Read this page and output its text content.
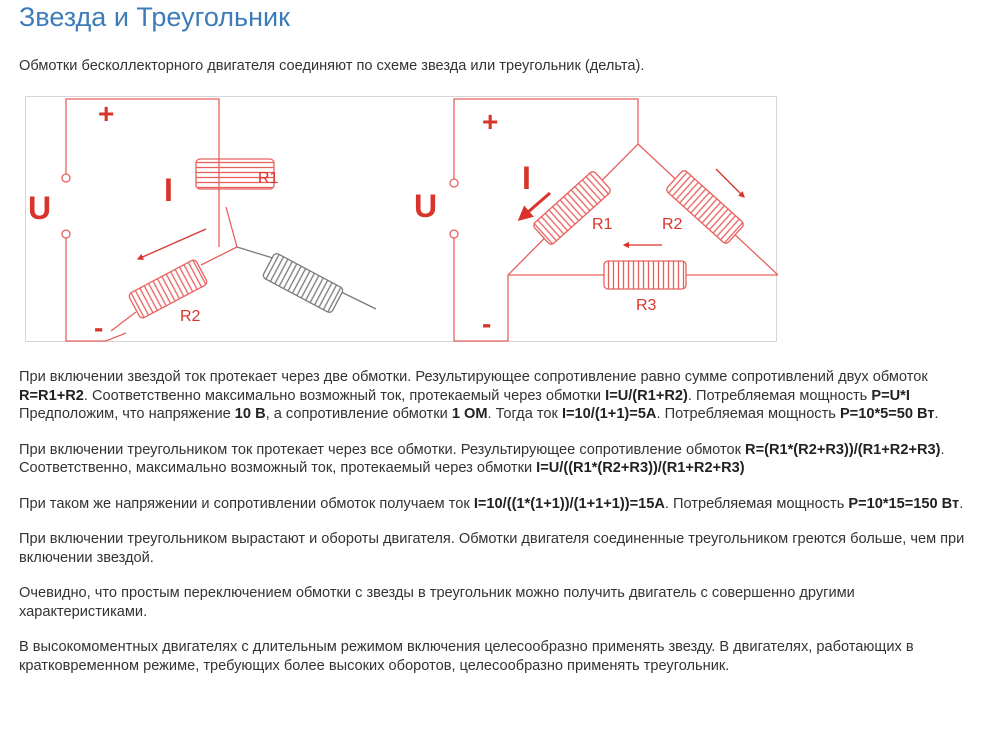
Звезда и Треугольник

Обмотки бесколлекторного двигателя соединяют по схеме звезда или треугольник (дельта).

+
-
U	I	R1
R2
+
-
U
I
R1	R2
R3

При включении звездой ток протекает через две обмотки. Результирующее сопротивление равно сумме сопротивлений двух обмоток R=R1+R2. Соответственно максимально возможный ток, протекаемый через обмотки I=U/(R1+R2). Потребляемая мощность P=U*I Предположим, что напряжение 10 В, а сопротивление обмотки 1 ОМ. Тогда ток I=10/(1+1)=5А. Потребляемая мощность P=10*5=50 Вт.

При включении треугольником ток протекает через все обмотки. Результирующее сопротивление обмоток R=(R1*(R2+R3))/(R1+R2+R3). Соответственно, максимально возможный ток, протекаемый через обмотки I=U/((R1*(R2+R3))/(R1+R2+R3)

При таком же напряжении и сопротивлении обмоток получаем ток I=10/((1*(1+1))/(1+1+1))=15А. Потребляемая мощность P=10*15=150 Вт.

При включении треугольником вырастают и обороты двигателя. Обмотки двигателя соединенные треугольником греются больше, чем при включении звездой.

Очевидно, что простым переключением обмотки с звезды в треугольник можно получить двигатель с совершенно другими характеристиками.

В высокомоментных двигателях с длительным режимом включения целесообразно применять звезду. В двигателях, работающих в кратковременном режиме, требующих более высоких оборотов, целесообразно применять треугольник.
